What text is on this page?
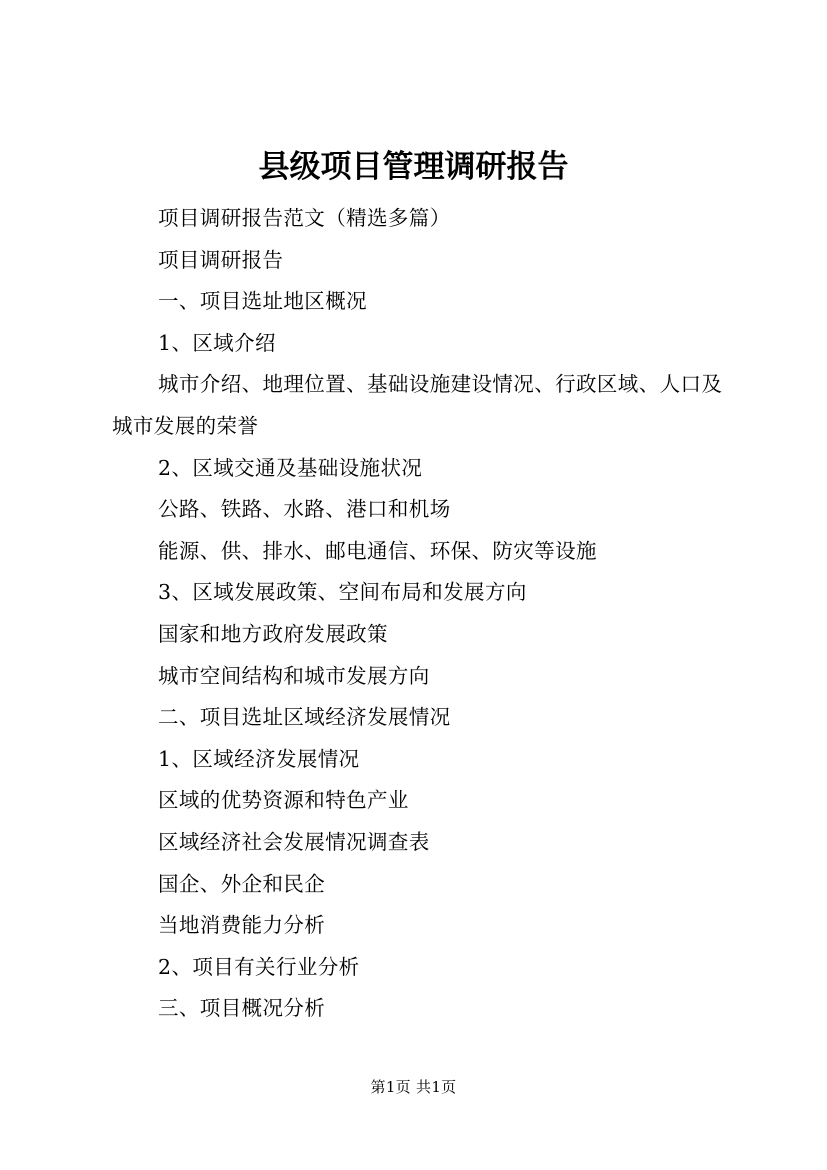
县级项目管理调研报告
项目调研报告范文（精选多篇）
项目调研报告
一、项目选址地区概况
1、区域介绍
城市介绍、地理位置、基础设施建设情况、行政区域、人口及城市发展的荣誉
2、区域交通及基础设施状况
公路、铁路、水路、港口和机场
能源、供、排水、邮电通信、环保、防灾等设施
3、区域发展政策、空间布局和发展方向
国家和地方政府发展政策
城市空间结构和城市发展方向
二、项目选址区域经济发展情况
1、区域经济发展情况
区域的优势资源和特色产业
区域经济社会发展情况调查表
国企、外企和民企
当地消费能力分析
2、项目有关行业分析
三、项目概况分析
第1页 共1页
